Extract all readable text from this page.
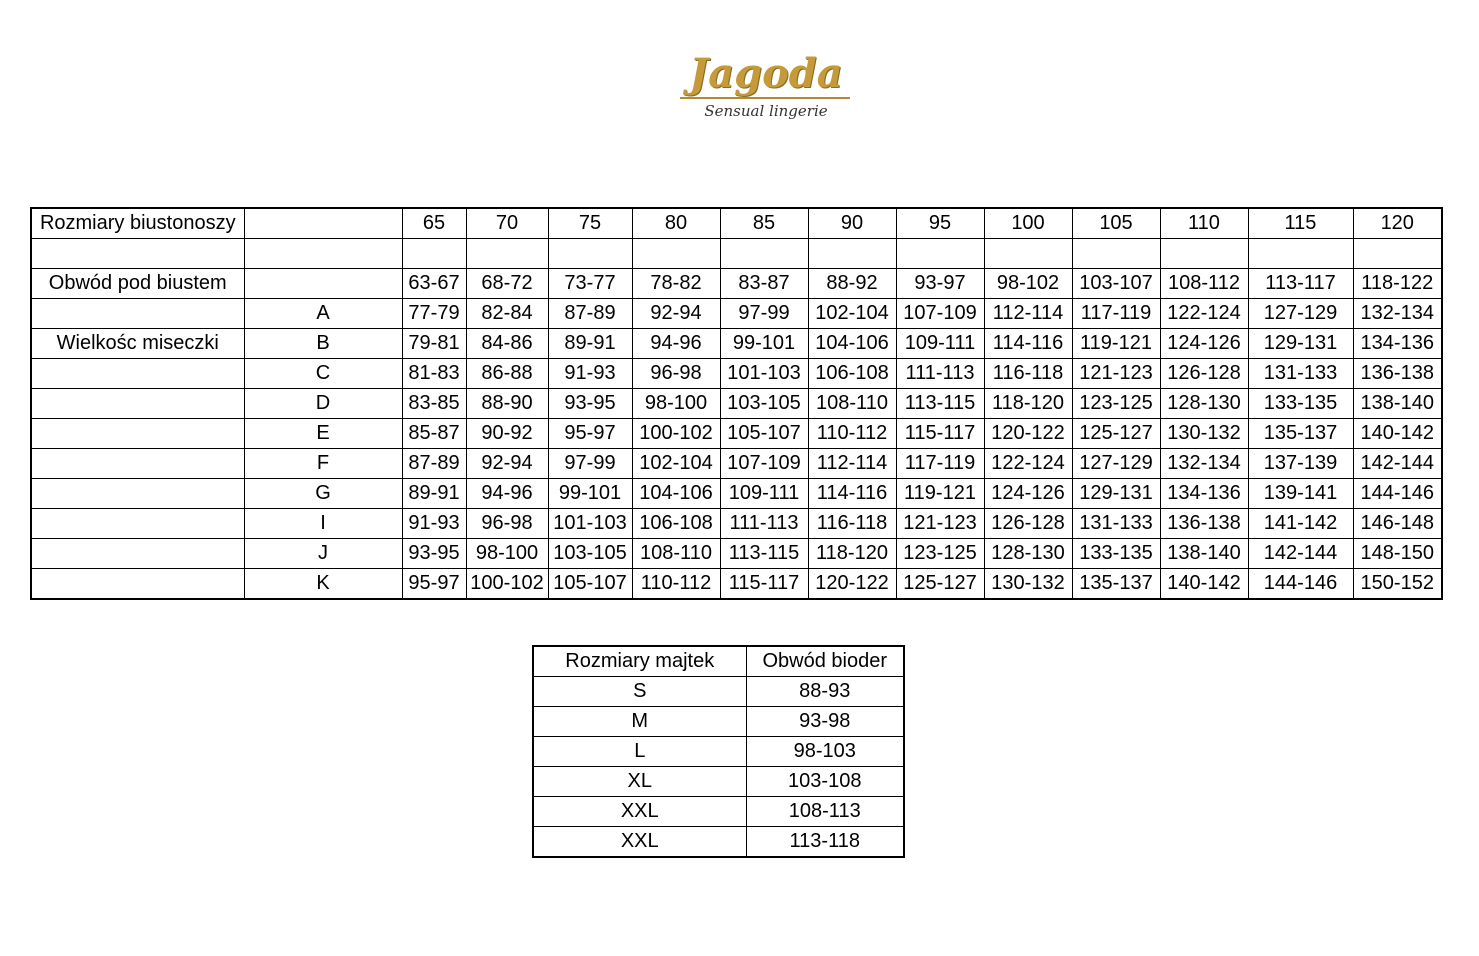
Jagoda
Sensual lingerie
Rozmiary biustonoszy		65	70	75	80	85	90	95	100	105	110	115	120

Obwód pod biustem		63-67	68-72	73-77	78-82	83-87	88-92	93-97	98-102	103-107	108-112	113-117	118-122
	A	77-79	82-84	87-89	92-94	97-99	102-104	107-109	112-114	117-119	122-124	127-129	132-134
Wielkośc miseczki	B	79-81	84-86	89-91	94-96	99-101	104-106	109-111	114-116	119-121	124-126	129-131	134-136
	C	81-83	86-88	91-93	96-98	101-103	106-108	111-113	116-118	121-123	126-128	131-133	136-138
	D	83-85	88-90	93-95	98-100	103-105	108-110	113-115	118-120	123-125	128-130	133-135	138-140
	E	85-87	90-92	95-97	100-102	105-107	110-112	115-117	120-122	125-127	130-132	135-137	140-142
	F	87-89	92-94	97-99	102-104	107-109	112-114	117-119	122-124	127-129	132-134	137-139	142-144
	G	89-91	94-96	99-101	104-106	109-111	114-116	119-121	124-126	129-131	134-136	139-141	144-146
	I	91-93	96-98	101-103	106-108	111-113	116-118	121-123	126-128	131-133	136-138	141-142	146-148
	J	93-95	98-100	103-105	108-110	113-115	118-120	123-125	128-130	133-135	138-140	142-144	148-150
	K	95-97	100-102	105-107	110-112	115-117	120-122	125-127	130-132	135-137	140-142	144-146	150-152
Rozmiary majtek	Obwód bioder
S	88-93
M	93-98
L	98-103
XL	103-108
XXL	108-113
XXL	113-118
